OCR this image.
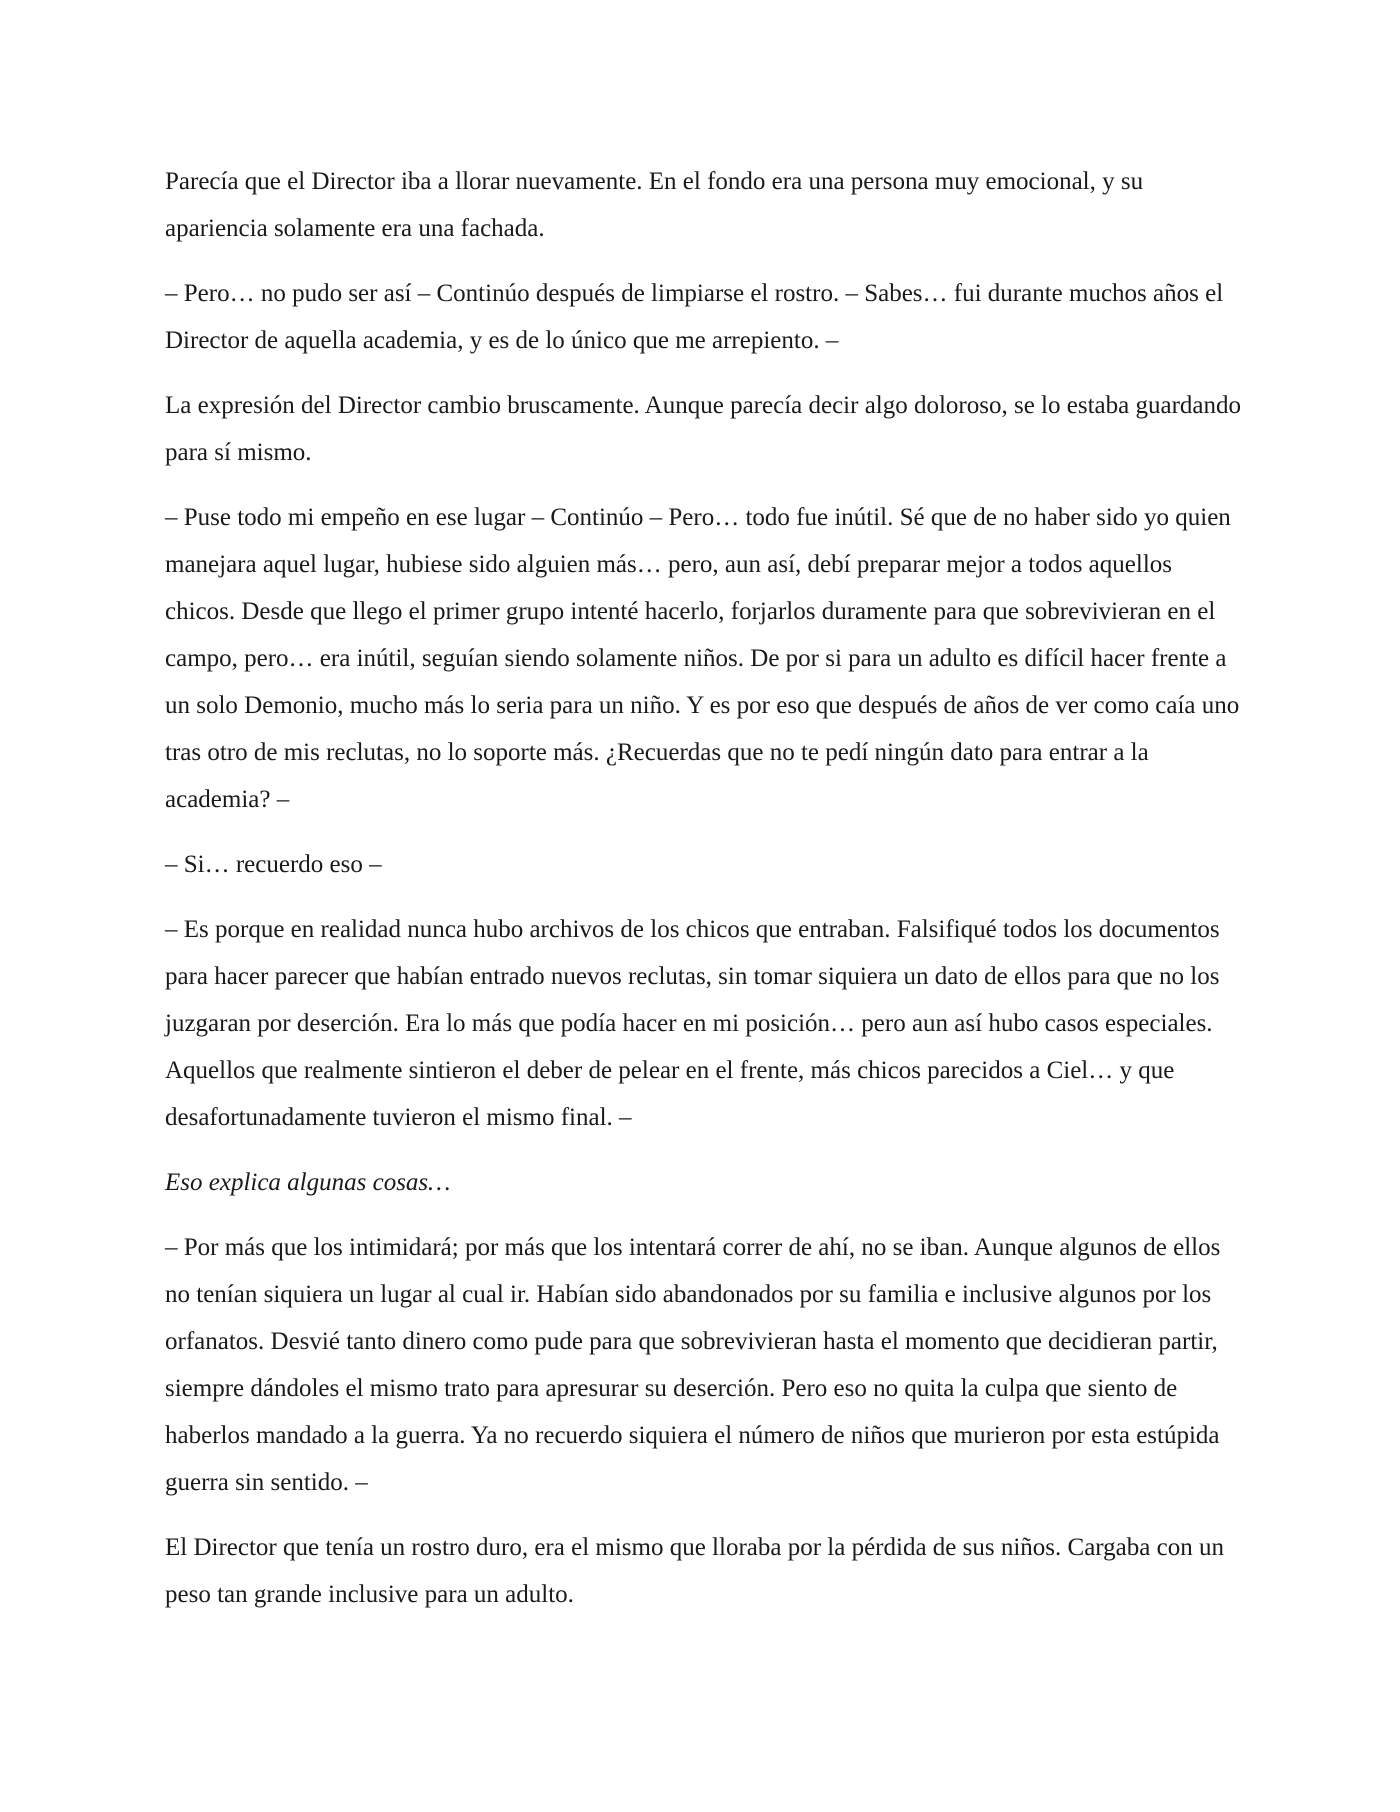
Parecía que el Director iba a llorar nuevamente. En el fondo era una persona muy emocional, y su apariencia solamente era una fachada.

– Pero… no pudo ser así – Continúo después de limpiarse el rostro. – Sabes… fui durante muchos años el Director de aquella academia, y es de lo único que me arrepiento. –

La expresión del Director cambio bruscamente. Aunque parecía decir algo doloroso, se lo estaba guardando para sí mismo.

– Puse todo mi empeño en ese lugar – Continúo – Pero… todo fue inútil. Sé que de no haber sido yo quien manejara aquel lugar, hubiese sido alguien más… pero, aun así, debí preparar mejor a todos aquellos chicos. Desde que llego el primer grupo intenté hacerlo, forjarlos duramente para que sobrevivieran en el campo, pero… era inútil, seguían siendo solamente niños. De por si para un adulto es difícil hacer frente a un solo Demonio, mucho más lo seria para un niño. Y es por eso que después de años de ver como caía uno tras otro de mis reclutas, no lo soporte más. ¿Recuerdas que no te pedí ningún dato para entrar a la academia? –

– Si… recuerdo eso –

– Es porque en realidad nunca hubo archivos de los chicos que entraban. Falsifiqué todos los documentos para hacer parecer que habían entrado nuevos reclutas, sin tomar siquiera un dato de ellos para que no los juzgaran por deserción. Era lo más que podía hacer en mi posición… pero aun así hubo casos especiales. Aquellos que realmente sintieron el deber de pelear en el frente, más chicos parecidos a Ciel… y que desafortunadamente tuvieron el mismo final. –

Eso explica algunas cosas…

– Por más que los intimidará; por más que los intentará correr de ahí, no se iban. Aunque algunos de ellos no tenían siquiera un lugar al cual ir. Habían sido abandonados por su familia e inclusive algunos por los orfanatos. Desvié tanto dinero como pude para que sobrevivieran hasta el momento que decidieran partir, siempre dándoles el mismo trato para apresurar su deserción. Pero eso no quita la culpa que siento de haberlos mandado a la guerra. Ya no recuerdo siquiera el número de niños que murieron por esta estúpida guerra sin sentido. –

El Director que tenía un rostro duro, era el mismo que lloraba por la pérdida de sus niños. Cargaba con un peso tan grande inclusive para un adulto.
